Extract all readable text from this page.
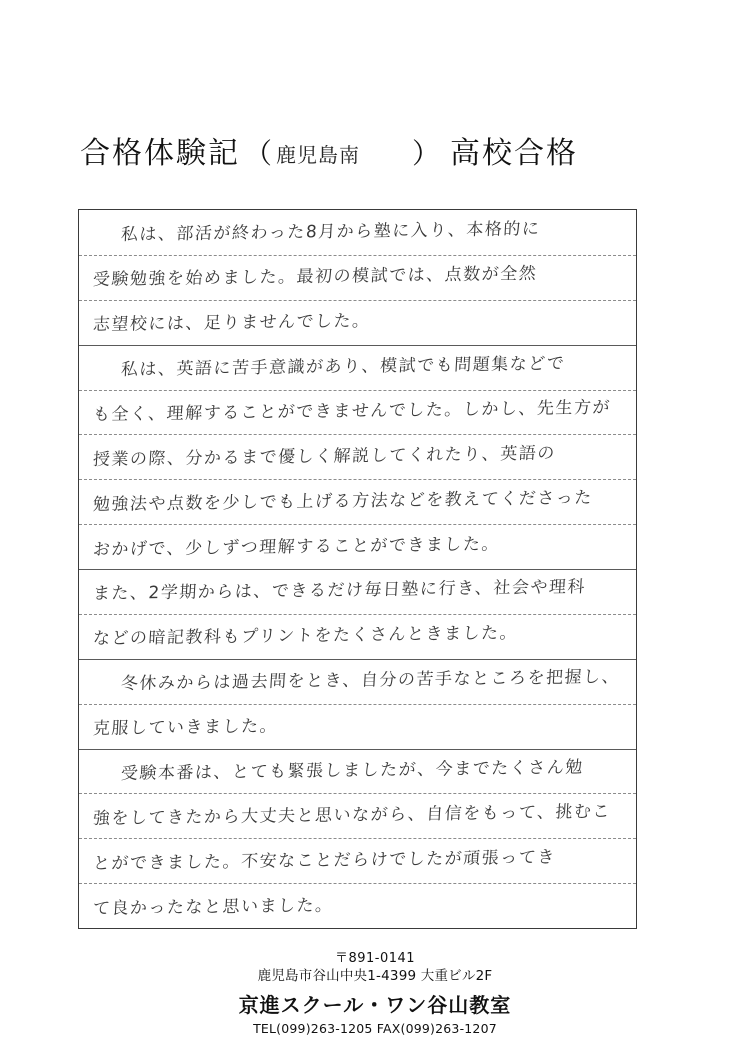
合格体験記 （ 鹿児島南 ） 高校合格
私は、部活が終わった8月から塾に入り、本格的に
受験勉強を始めました。最初の模試では、点数が全然
志望校には、足りませんでした。
私は、英語に苦手意識があり、模試でも問題集などで
も全く、理解することができませんでした。しかし、先生方が
授業の際、分かるまで優しく解説してくれたり、英語の
勉強法や点数を少しでも上げる方法などを教えてくださった
おかげで、少しずつ理解することができました。
また、2学期からは、できるだけ毎日塾に行き、社会や理科
などの暗記教科もプリントをたくさんときました。
冬休みからは過去問をとき、自分の苦手なところを把握し、
克服していきました。
受験本番は、とても緊張しましたが、今までたくさん勉
強をしてきたから大丈夫と思いながら、自信をもって、挑むこ
とができました。不安なことだらけでしたが頑張ってき
て良かったなと思いました。
〒891-0141
鹿児島市谷山中央1-4399 大重ビル2F
京進スクール・ワン谷山教室
TEL(099)263-1205 FAX(099)263-1207
